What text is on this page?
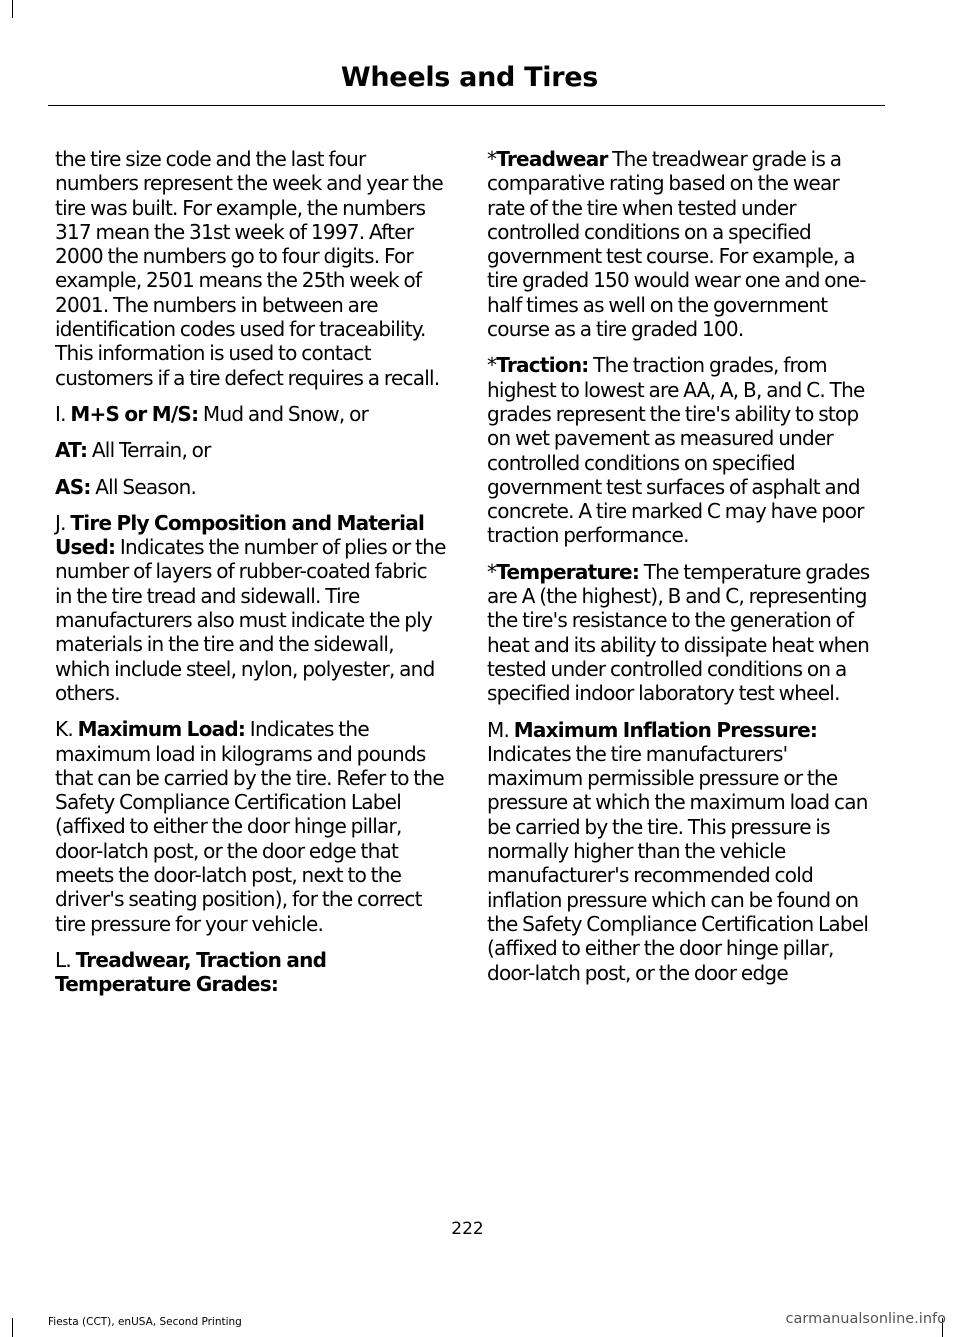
Wheels and Tires

the tire size code and the last four numbers represent the week and year the tire was built. For example, the numbers 317 mean the 31st week of 1997. After 2000 the numbers go to four digits. For example, 2501 means the 25th week of 2001. The numbers in between are identification codes used for traceability. This information is used to contact customers if a tire defect requires a recall.

I. M+S or M/S: Mud and Snow, or

AT: All Terrain, or

AS: All Season.

J. Tire Ply Composition and Material Used: Indicates the number of plies or the number of layers of rubber-coated fabric in the tire tread and sidewall. Tire manufacturers also must indicate the ply materials in the tire and the sidewall, which include steel, nylon, polyester, and others.

K. Maximum Load: Indicates the maximum load in kilograms and pounds that can be carried by the tire. Refer to the Safety Compliance Certification Label (affixed to either the door hinge pillar, door-latch post, or the door edge that meets the door-latch post, next to the driver's seating position), for the correct tire pressure for your vehicle.

L. Treadwear, Traction and Temperature Grades:

*Treadwear The treadwear grade is a comparative rating based on the wear rate of the tire when tested under controlled conditions on a specified government test course. For example, a tire graded 150 would wear one and one-half times as well on the government course as a tire graded 100.

*Traction: The traction grades, from highest to lowest are AA, A, B, and C. The grades represent the tire's ability to stop on wet pavement as measured under controlled conditions on specified government test surfaces of asphalt and concrete. A tire marked C may have poor traction performance.

*Temperature: The temperature grades are A (the highest), B and C, representing the tire's resistance to the generation of heat and its ability to dissipate heat when tested under controlled conditions on a specified indoor laboratory test wheel.

M. Maximum Inflation Pressure: Indicates the tire manufacturers' maximum permissible pressure or the pressure at which the maximum load can be carried by the tire. This pressure is normally higher than the vehicle manufacturer's recommended cold inflation pressure which can be found on the Safety Compliance Certification Label (affixed to either the door hinge pillar, door-latch post, or the door edge

222
Fiesta (CCT), enUSA, Second Printing	carmanualsonline.info
